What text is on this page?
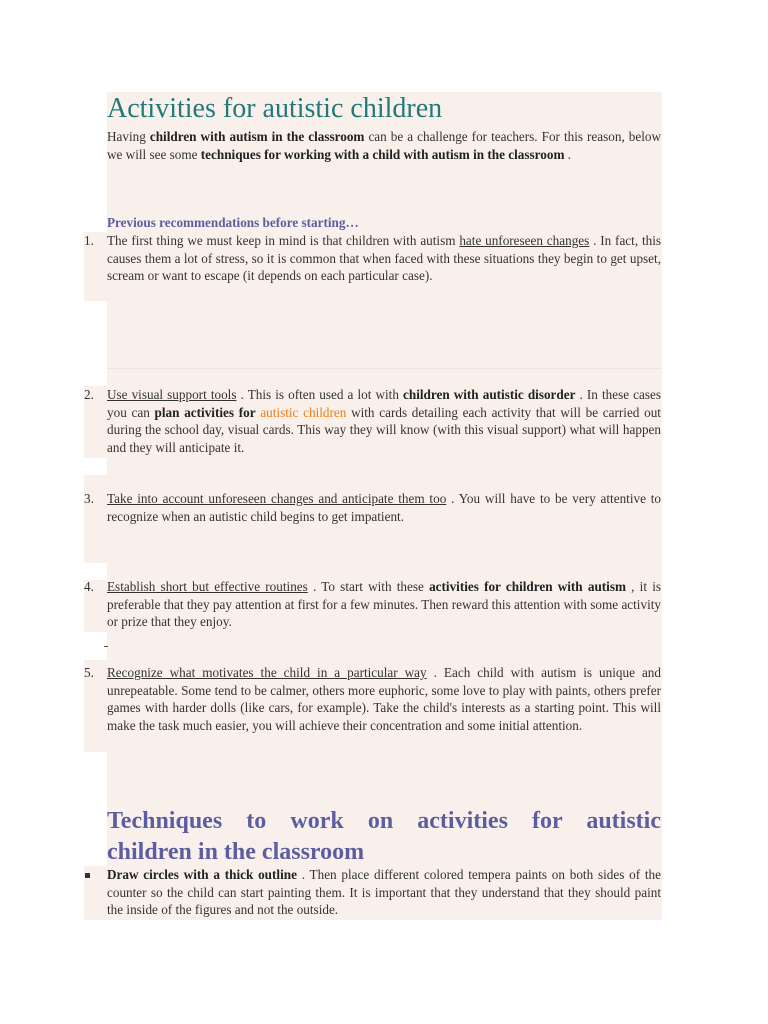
Activities for autistic children
Having children with autism in the classroom can be a challenge for teachers. For this reason, below we will see some techniques for working with a child with autism in the classroom .
Previous recommendations before starting…
1. The first thing we must keep in mind is that children with autism hate unforeseen changes . In fact, this causes them a lot of stress, so it is common that when faced with these situations they begin to get upset, scream or want to escape (it depends on each particular case).
2. Use visual support tools . This is often used a lot with children with autistic disorder . In these cases you can plan activities for autistic children with cards detailing each activity that will be carried out during the school day, visual cards. This way they will know (with this visual support) what will happen and they will anticipate it.
3. Take into account unforeseen changes and anticipate them too . You will have to be very attentive to recognize when an autistic child begins to get impatient.
4. Establish short but effective routines . To start with these activities for children with autism , it is preferable that they pay attention at first for a few minutes. Then reward this attention with some activity or prize that they enjoy.
5. Recognize what motivates the child in a particular way . Each child with autism is unique and unrepeatable. Some tend to be calmer, others more euphoric, some love to play with paints, others prefer games with harder dolls (like cars, for example). Take the child's interests as a starting point. This will make the task much easier, you will achieve their concentration and some initial attention.
Techniques to work on activities for autistic
children in the classroom
Draw circles with a thick outline . Then place different colored tempera paints on both sides of the counter so the child can start painting them. It is important that they understand that they should paint the inside of the figures and not the outside.
